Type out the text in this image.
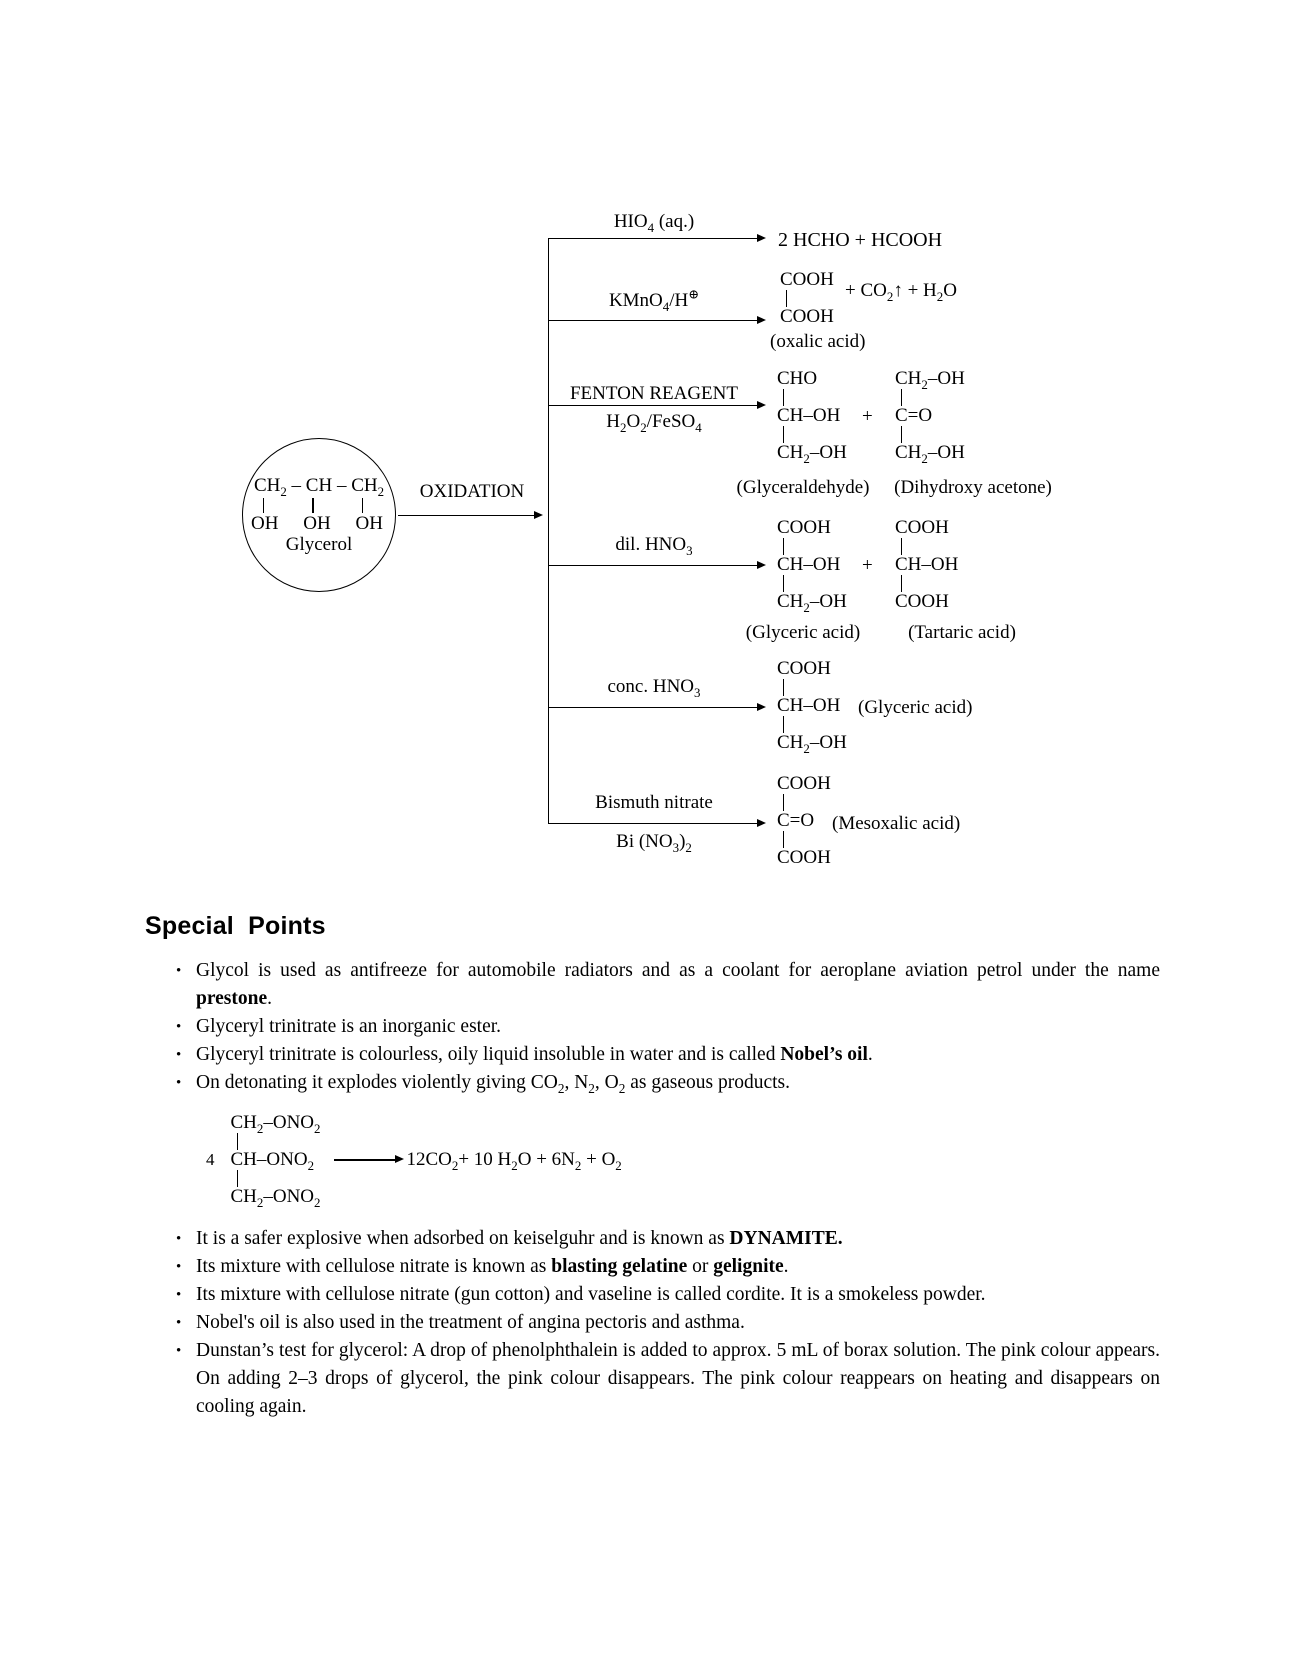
$CH_2$ – CH – $CH_2$
OH OH OH
Glycerol
OXIDATION
$HIO_4$ (aq.)
2 HCHO + HCOOH
KMnO$_4$/H⊕
COOH
COOH
+ $CO_2↑ + H_2O$
(oxalic acid)
FENTON REAGENT
$H_2O_2/FeSO_4$
CHO
CH–OH
$CH_2-OH$
+
$CH_2-OH$
C=O
$CH_2-OH$
(Glyceraldehyde)	(Dihydroxy acetone)
dil. $HNO_3$
COOH
CH–OH
$CH_2-OH$
+
COOH
CH–OH
COOH
(Glyceric acid)	(Tartaric acid)
conc. $HNO_3$
COOH
CH–OH
$CH_2-OH$
(Glyceric acid)
Bismuth nitrate
Bi $(NO_3)_2$
COOH
C=O
COOH
(Mesoxalic acid)
Special Points
• Glycol is used as antifreeze for automobile radiators and as a coolant for aeroplane aviation petrol under the name prestone.
• Glyceryl trinitrate is an inorganic ester.
• Glyceryl trinitrate is colourless, oily liquid insoluble in water and is called Nobel’s oil.
• On detonating it explodes violently giving $CO_2$, $N_2$, $O_2$ as gaseous products.
4
$CH_2-ONO_2$
$CH-ONO_2$
$CH_2-ONO_2$
→ $12CO_2+ 10$ $H_2O + 6N_2 + O_2$
• It is a safer explosive when adsorbed on keiselguhr and is known as DYNAMITE.
• Its mixture with cellulose nitrate is known as blasting gelatine or gelignite.
• Its mixture with cellulose nitrate (gun cotton) and vaseline is called cordite. It is a smokeless powder.
• Nobel's oil is also used in the treatment of angina pectoris and asthma.
• Dunstan’s test for glycerol: A drop of phenolphthalein is added to approx. 5 mL of borax solution. The pink colour appears. On adding 2–3 drops of glycerol, the pink colour disappears. The pink colour reappears on heating and disappears on cooling again.
